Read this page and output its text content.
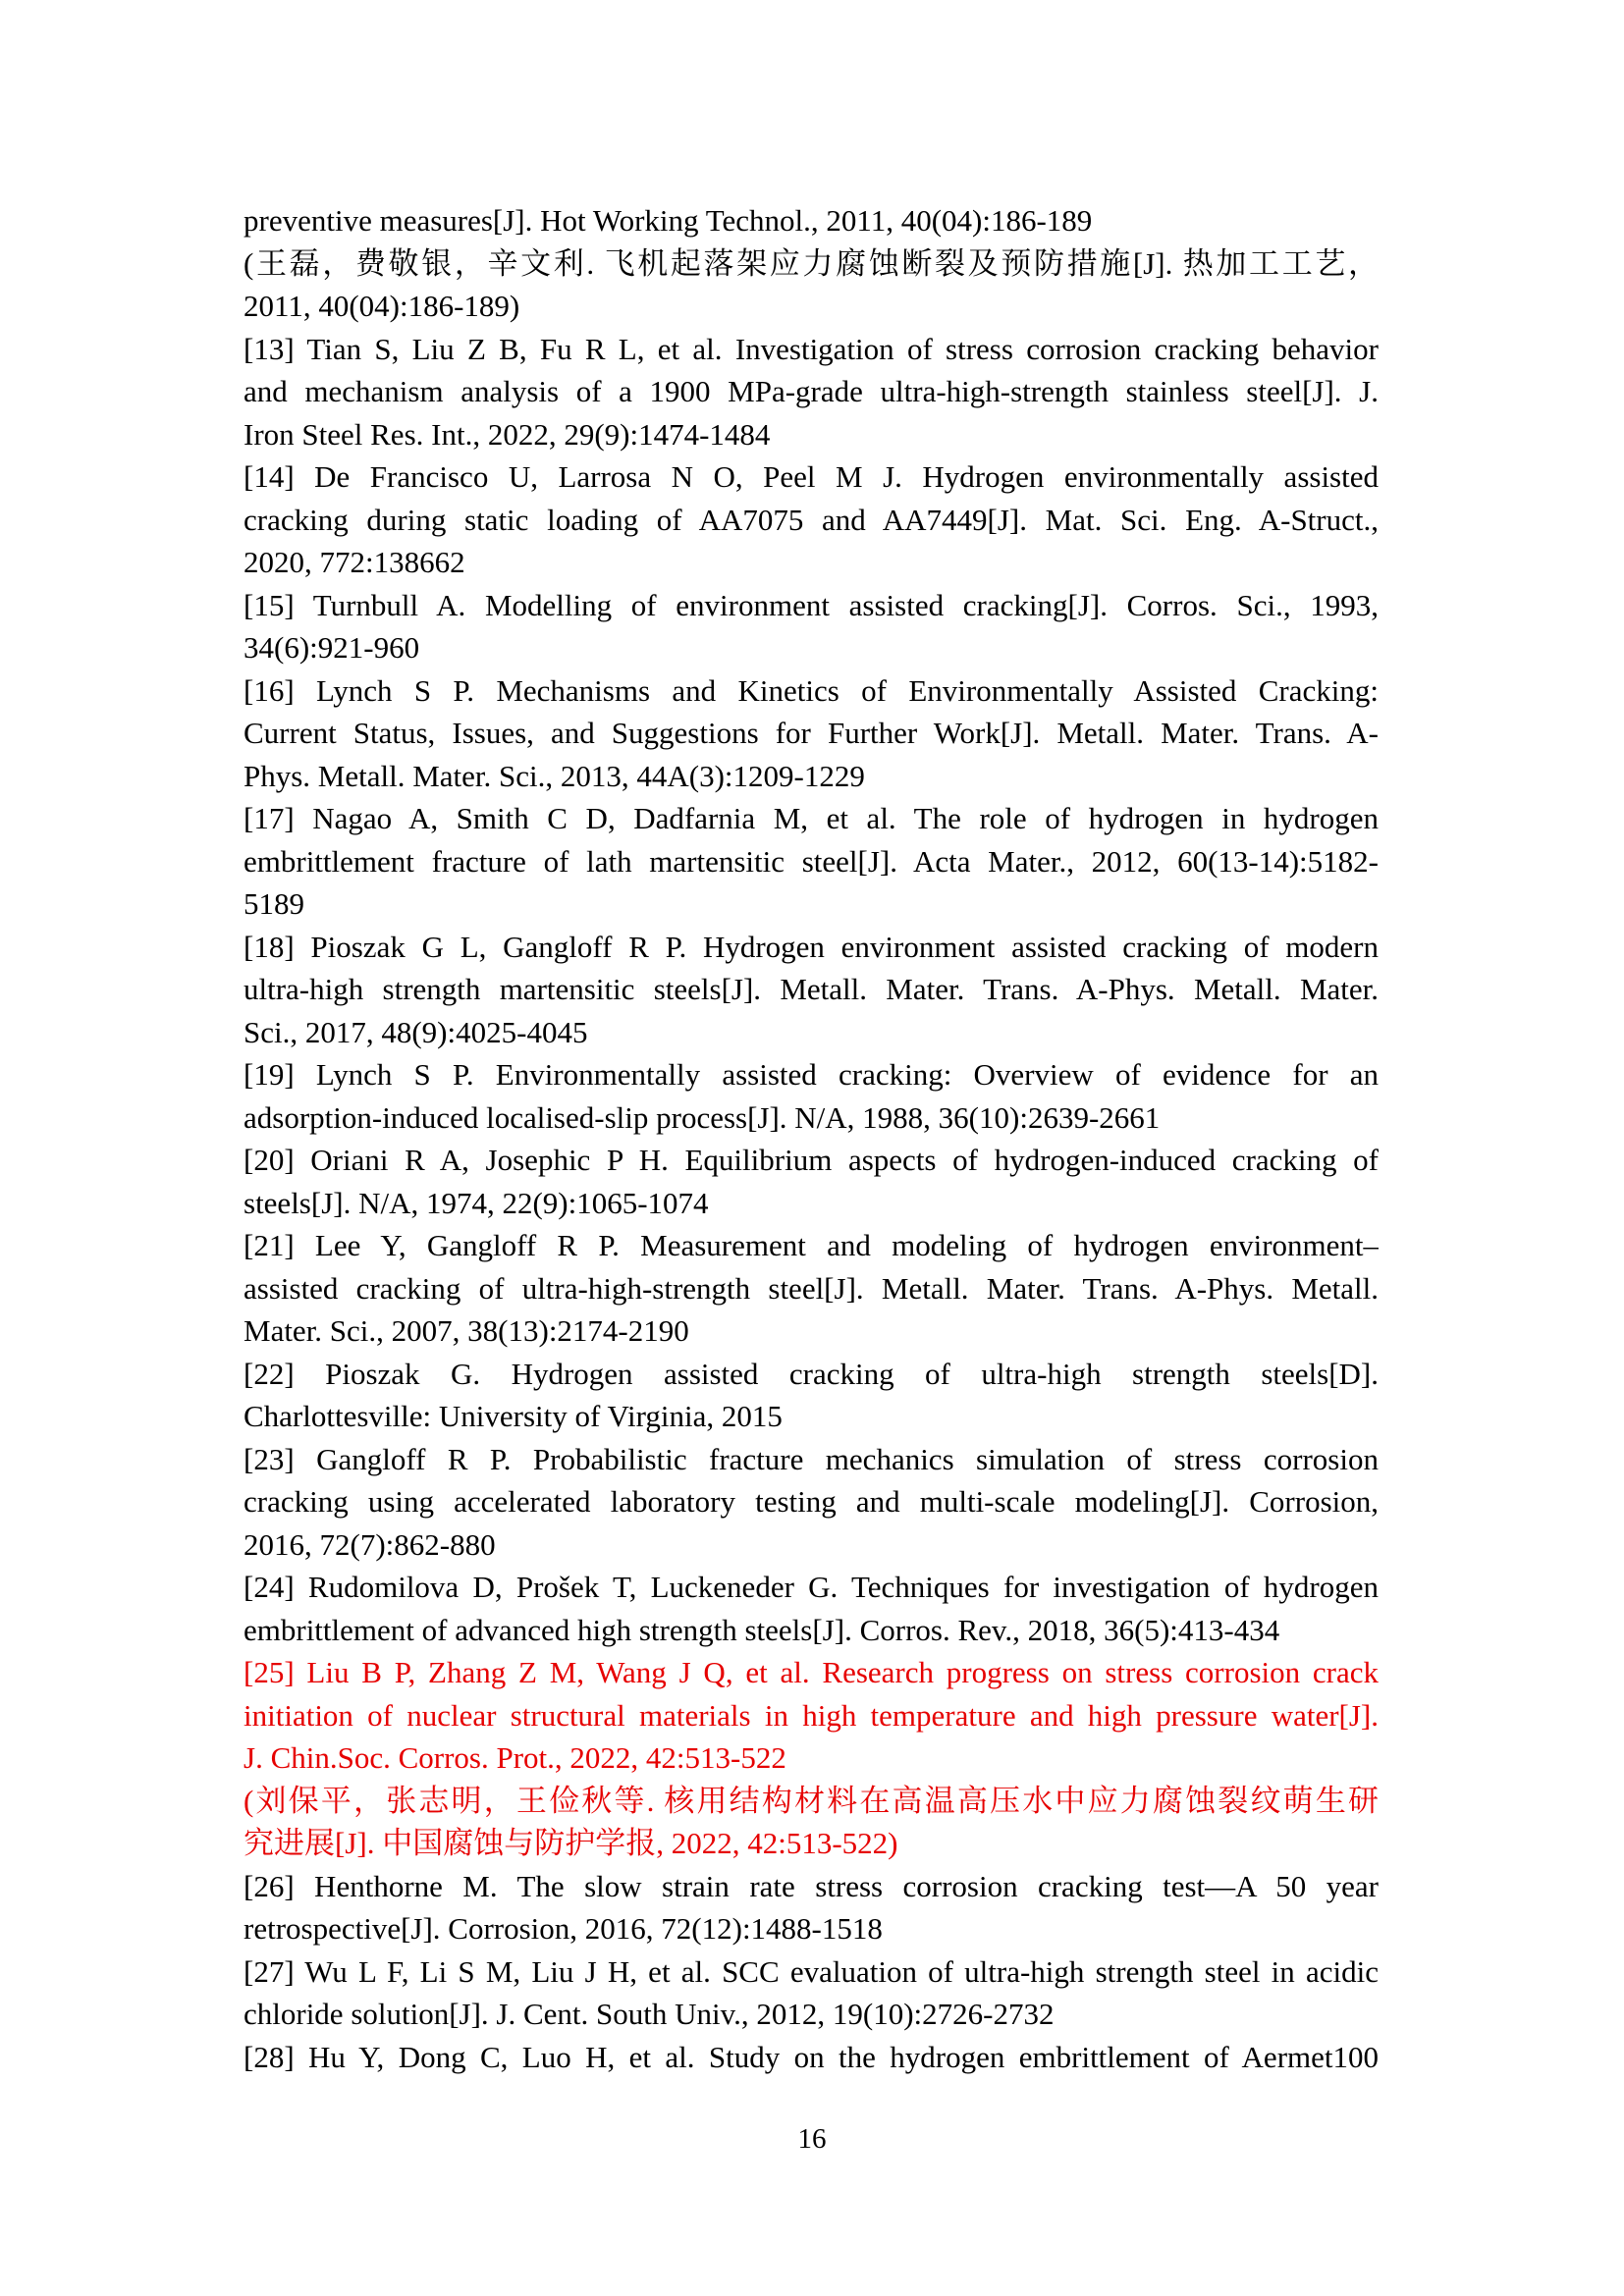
preventive measures[J]. Hot Working Technol., 2011, 40(04):186-189
(王磊，费敬银，辛文利. 飞机起落架应力腐蚀断裂及预防措施[J]. 热加工工艺，
2011, 40(04):186-189)
[13] Tian S, Liu Z B, Fu R L, et al. Investigation of stress corrosion cracking behavior
and mechanism analysis of a 1900 MPa-grade ultra-high-strength stainless steel[J]. J.
Iron Steel Res. Int., 2022, 29(9):1474-1484
[14] De Francisco U, Larrosa N O, Peel M J. Hydrogen environmentally assisted
cracking during static loading of AA7075 and AA7449[J]. Mat. Sci. Eng. A-Struct.,
2020, 772:138662
[15] Turnbull A. Modelling of environment assisted cracking[J]. Corros. Sci., 1993,
34(6):921-960
[16] Lynch S P. Mechanisms and Kinetics of Environmentally Assisted Cracking:
Current Status, Issues, and Suggestions for Further Work[J]. Metall. Mater. Trans. A-
Phys. Metall. Mater. Sci., 2013, 44A(3):1209-1229
[17] Nagao A, Smith C D, Dadfarnia M, et al. The role of hydrogen in hydrogen
embrittlement fracture of lath martensitic steel[J]. Acta Mater., 2012, 60(13-14):5182-
5189
[18] Pioszak G L, Gangloff R P. Hydrogen environment assisted cracking of modern
ultra-high strength martensitic steels[J]. Metall. Mater. Trans. A-Phys. Metall. Mater.
Sci., 2017, 48(9):4025-4045
[19] Lynch S P. Environmentally assisted cracking: Overview of evidence for an
adsorption-induced localised-slip process[J]. N/A, 1988, 36(10):2639-2661
[20] Oriani R A, Josephic P H. Equilibrium aspects of hydrogen-induced cracking of
steels[J]. N/A, 1974, 22(9):1065-1074
[21] Lee Y, Gangloff R P. Measurement and modeling of hydrogen environment–
assisted cracking of ultra-high-strength steel[J]. Metall. Mater. Trans. A-Phys. Metall.
Mater. Sci., 2007, 38(13):2174-2190
[22] Pioszak G. Hydrogen assisted cracking of ultra-high strength steels[D].
Charlottesville: University of Virginia, 2015
[23] Gangloff R P. Probabilistic fracture mechanics simulation of stress corrosion
cracking using accelerated laboratory testing and multi-scale modeling[J]. Corrosion,
2016, 72(7):862-880
[24] Rudomilova D, Prošek T, Luckeneder G. Techniques for investigation of hydrogen
embrittlement of advanced high strength steels[J]. Corros. Rev., 2018, 36(5):413-434
[25] Liu B P, Zhang Z M, Wang J Q, et al. Research progress on stress corrosion crack
initiation of nuclear structural materials in high temperature and high pressure water[J].
J. Chin.Soc. Corros. Prot., 2022, 42:513-522
(刘保平，张志明，王俭秋等. 核用结构材料在高温高压水中应力腐蚀裂纹萌生研
究进展[J]. 中国腐蚀与防护学报, 2022, 42:513-522)
[26] Henthorne M. The slow strain rate stress corrosion cracking test—A 50 year
retrospective[J]. Corrosion, 2016, 72(12):1488-1518
[27] Wu L F, Li S M, Liu J H, et al. SCC evaluation of ultra-high strength steel in acidic
chloride solution[J]. J. Cent. South Univ., 2012, 19(10):2726-2732
[28] Hu Y, Dong C, Luo H, et al. Study on the hydrogen embrittlement of Aermet100
16
